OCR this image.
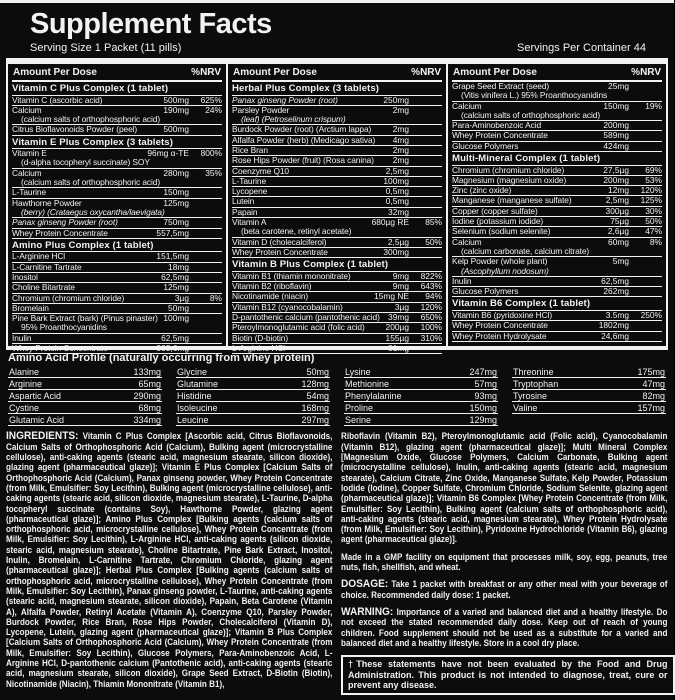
Supplement Facts
Serving Size 1 Packet (11 pills)	Servings Per Container 44
Amount Per Dose	%NRV
Vitamin C Plus Complex (1 tablet)
Vitamin C (ascorbic acid)	500mg	625%
Calcium	190mg	24%
(calcium salts of orthophosphoric acid)
Citrus Bioflavonoids Powder (peel)	500mg
Vitamin E Plus Complex (3 tablets)
Vitamin E	96mg α-TE	800%
(d-alpha tocopheryl succinate) SOY
Calcium	280mg	35%
(calcium salts of orthophosphoric acid)
L-Taurine	150mg
Hawthorne Powder	125mg
(berry) (Crataegus oxycantha/laevigata)
Panax ginseng Powder (root)	750mg
Whey Protein Concentrate	557,5mg
Amino Plus Complex (1 tablet)
L-Arginine HCl	151,5mg
L-Carnitine Tartrate	18mg
Inositol	62,5mg
Choline Bitartrate	125mg
Chromium (chromium chloride)	3µg	8%
Bromelain	50mg
Pine Bark Extract (bark) (Pinus pinaster) 100mg
95% Proanthocyanidins
Inulin	62,5mg
Whey Protein Concentrate	303,6mg
Amount Per Dose	%NRV
Herbal Plus Complex (3 tablets)
Panax ginseng Powder (root)	250mg
Parsley Powder	2mg
(leaf) (Petroselinum crispum)
Burdock Powder (root) (Arctium lappa)	2mg
Alfalfa Powder (herb) (Medicago sativa)	4mg
Rice Bran	2mg
Rose Hips Powder (fruit) (Rosa canina)	2mg
Coenzyme Q10	2,5mg
L-Taurine	100mg
Lycopene	0,5mg
Lutein	0,5mg
Papain	32mg
Vitamin A	680µg RE	85%
(beta carotene, retinyl acetate)
Vitamin D (cholecalciferol)	2,5µg	50%
Whey Protein Concentrate	300mg
Vitamin B Plus Complex (1 tablet)
Vitamin B1 (thiamin mononitrate)	9mg	822%
Vitamin B2 (riboflavin)	9mg	643%
Nicotinamide (niacin)	15mg NE	94%
Vitamin B12 (cyanocobalamin)	3µg	120%
D-pantothenic calcium (pantothenic acid) 39mg	650%
Pteroylmonoglutamic acid (folic acid)	200µg	100%
Biotin (D-biotin)	155µg	310%
L-Arginine HCl	81mg
Amount Per Dose	%NRV
Grape Seed Extract (seed)	25mg
(Vitis vinifera L.) 95% Proanthocyanidins
Calcium	150mg	19%
(calcium salts of orthophosphoric acid)
Para-Aminobenzoic Acid	200mg
Whey Protein Concentrate	589mg
Glucose Polymers	424mg
Multi-Mineral Complex (1 tablet)
Chromium (chromium chloride)	27,5µg	69%
Magnesium (magnesium oxide)	200mg	53%
Zinc (zinc oxide)	12mg	120%
Manganese (manganese sulfate)	2,5mg	125%
Copper (copper sulfate)	300µg	30%
Iodine (potassium iodide)	75µg	50%
Selenium (sodium selenite)	2,6µg	47%
Calcium	60mg	8%
(calcium carbonate, calcium citrate)
Kelp Powder (whole plant)	5mg
(Ascophyllum nodosum)
Inulin	62,5mg
Glucose Polymers	262mg
Vitamin B6 Complex (1 tablet)
Vitamin B6 (pyridoxine HCl)	3.5mg	250%
Whey Protein Concentrate	1802mg
Whey Protein Hydrolysate	24,6mg
Amino Acid Profile (naturally occurring from whey protein)
Alanine	133mg
Arginine	65mg
Aspartic Acid	290mg
Cystine	68mg
Glutamic Acid	334mg
Glycine	50mg
Glutamine	128mg
Histidine	54mg
Isoleucine	168mg
Leucine	297mg
Lysine	247mg
Methionine	57mg
Phenylalanine	93mg
Proline	150mg
Serine	129mg
Threonine	175mg
Tryptophan	47mg
Tyrosine	82mg
Valine	157mg
INGREDIENTS: Vitamin C Plus Complex [Ascorbic acid, Citrus Bioflavonoids, Calcium Salts of Orthophosphoric Acid (Calcium), Bulking agent (microcrystalline cellulose), anti-caking agents (stearic acid, magnesium stearate, silicon dioxide), glazing agent (pharmaceutical glaze)]; Vitamin E Plus Complex [Calcium Salts of Orthophosphoric Acid (Calcium), Panax ginseng powder, Whey Protein Concentrate (from Milk, Emulsifier: Soy Lecithin), Bulking agent (microcrystalline cellulose), anti-caking agents (stearic acid, silicon dioxide, magnesium stearate), L-Taurine, D-alpha tocopheryl succinate (contains Soy), Hawthorne Powder, glazing agent (pharmaceutical glaze)]; Amino Plus Complex [Bulking agents (calcium salts of orthophosphoric acid, microcrystalline cellulose), Whey Protein Concentrate (from Milk, Emulsifier: Soy Lecithin), L-Arginine HCl, anti-caking agents (silicon dioxide, stearic acid, magnesium stearate), Choline Bitartrate, Pine Bark Extract, Inositol, Inulin, Bromelain, L-Carnitine Tartrate, Chromium Chloride, glazing agent (pharmaceutical glaze)]; Herbal Plus Complex [Bulking agents (calcium salts of orthophosphoric acid, microcrystalline cellulose), Whey Protein Concentrate (from Milk, Emulsifier: Soy Lecithin), Panax ginseng powder, L-Taurine, anti-caking agents (stearic acid, magnesium stearate, silicon dioxide), Papain, Beta Carotene (Vitamin A), Alfalfa Powder, Retinyl Acetate (Vitamin A), Coenzyme Q10, Parsley Powder, Burdock Powder, Rice Bran, Rose Hips Powder, Cholecalciferol (Vitamin D), Lycopene, Lutein, glazing agent (pharmaceutical glaze)]; Vitamin B Plus Complex [Calcium Salts of Orthophosphoric Acid (Calcium), Whey Protein Concentrate (from Milk, Emulsifier: Soy Lecithin), Glucose Polymers, Para-Aminobenzoic Acid, L-Arginine HCl, D-pantothenic calcium (Pantothenic acid), anti-caking agents (stearic acid, magnesium stearate, silicon dioxide), Grape Seed Extract, D-Biotin (Biotin), Nicotinamide (Niacin), Thiamin Mononitrate (Vitamin B1),
Riboflavin (Vitamin B2), Pteroylmonoglutamic acid (Folic acid), Cyanocobalamin (Vitamin B12), glazing agent (pharmaceutical glaze)]; Multi Mineral Complex [Magnesium Oxide, Glucose Polymers, Calcium Carbonate, Bulking agent (microcrystalline cellulose), Inulin, anti-caking agents (stearic acid, magnesium stearate), Calcium Citrate, Zinc Oxide, Manganese Sulfate, Kelp Powder, Potassium Iodide (Iodine), Copper Sulfate, Chromium Chloride, Sodium Selenite, glazing agent (pharmaceutical glaze)]; Vitamin B6 Complex [Whey Protein Concentrate (from Milk, Emulsifier: Soy Lecithin), Bulking agent (calcium salts of orthophosphoric acid), anti-caking agents (stearic acid, magnesium stearate), Whey Protein Hydrolysate (from Milk, Emulsifier: Soy Lecithin), Pyridoxine Hydrochloride (Vitamin B6), glazing agent (pharmaceutical glaze)].
Made in a GMP facility on equipment that processes milk, soy, egg, peanuts, tree nuts, fish, shellfish, and wheat.
DOSAGE: Take 1 packet with breakfast or any other meal with your beverage of choice. Recommended daily dose: 1 packet.
WARNING: Importance of a varied and balanced diet and a healthy lifestyle. Do not exceed the stated recommended daily dose. Keep out of reach of young children. Food supplement should not be used as a substitute for a varied and balanced diet and a healthy lifestyle. Store in a cool dry place.
†These statements have not been evaluated by the Food and Drug Administration. This product is not intended to diagnose, treat, cure or prevent any disease.
